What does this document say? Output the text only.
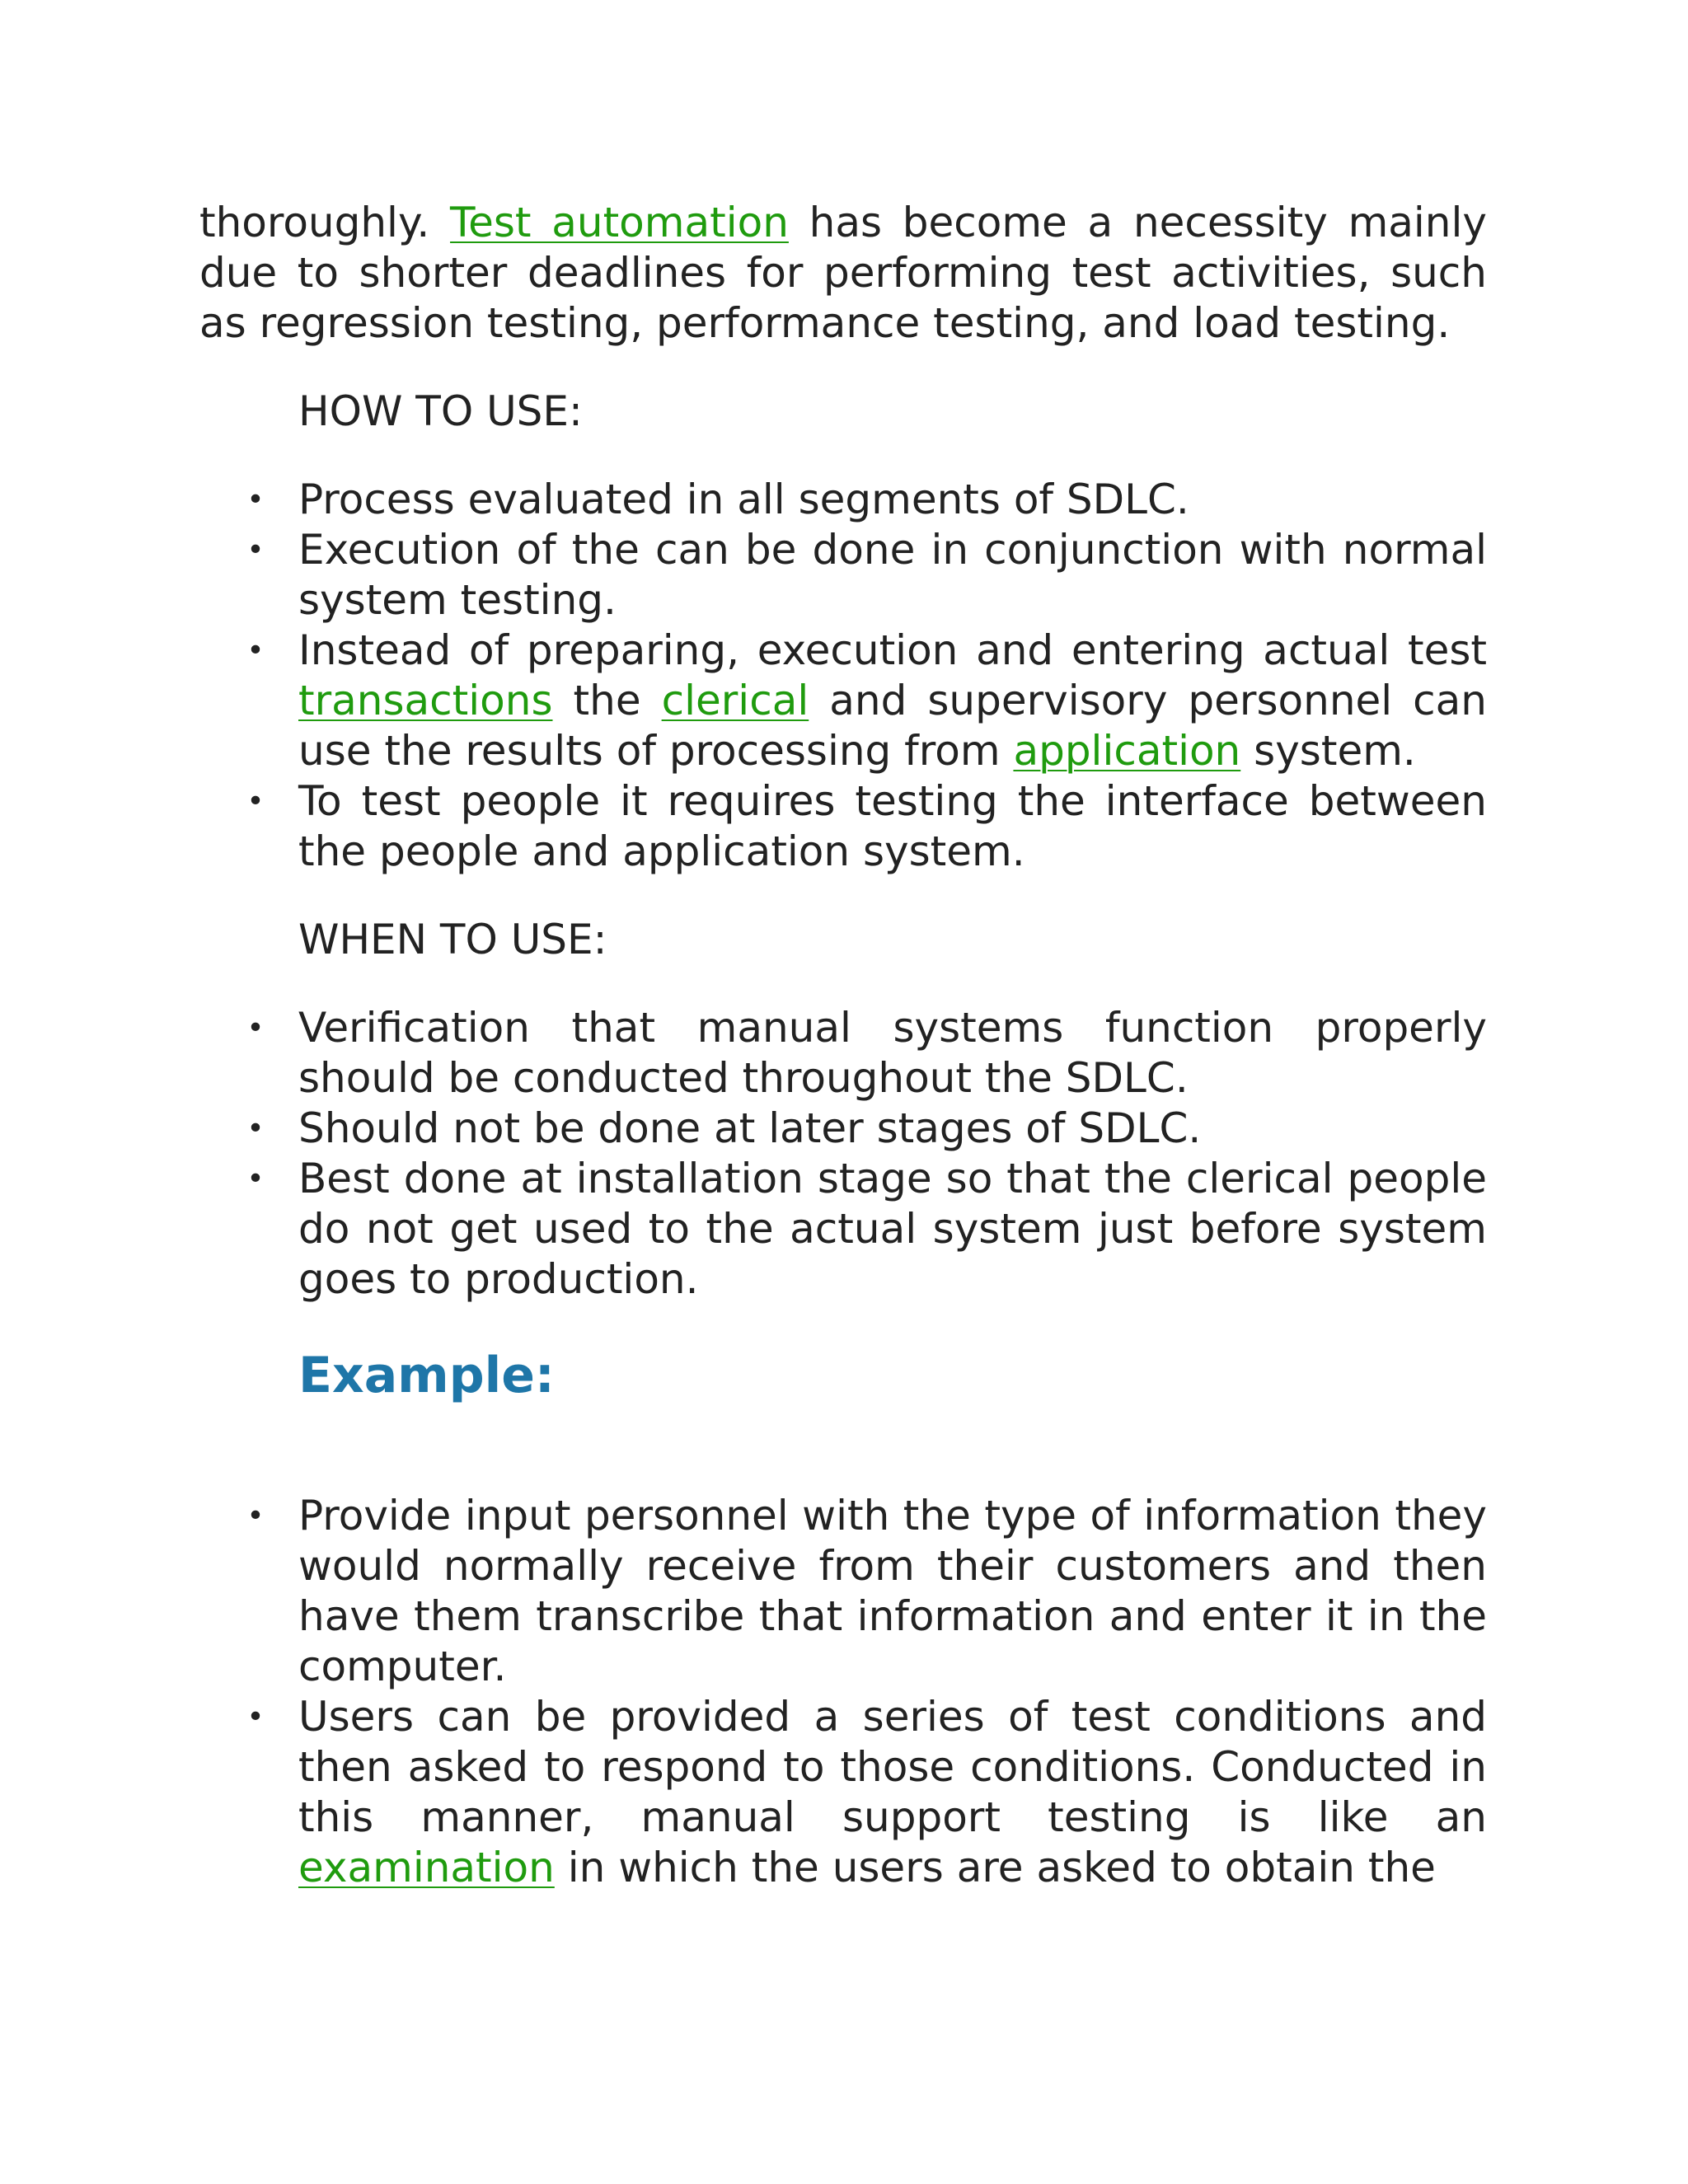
thoroughly. Test automation has become a necessity mainly due to shorter deadlines for performing test activities, such as regression testing, performance testing, and load testing.

HOW TO USE:

• Process evaluated in all segments of SDLC.
• Execution of the can be done in conjunction with normal system testing.
• Instead of preparing, execution and entering actual test transactions the clerical and supervisory personnel can use the results of processing from application system.
• To test people it requires testing the interface between the people and application system.

WHEN TO USE:

• Verification that manual systems function properly should be conducted throughout the SDLC.
• Should not be done at later stages of SDLC.
• Best done at installation stage so that the clerical people do not get used to the actual system just before system goes to production.
Example:
• Provide input personnel with the type of information they would normally receive from their customers and then have them transcribe that information and enter it in the computer.
• Users can be provided a series of test conditions and then asked to respond to those conditions. Conducted in this manner, manual support testing is like an examination in which the users are asked to obtain the
